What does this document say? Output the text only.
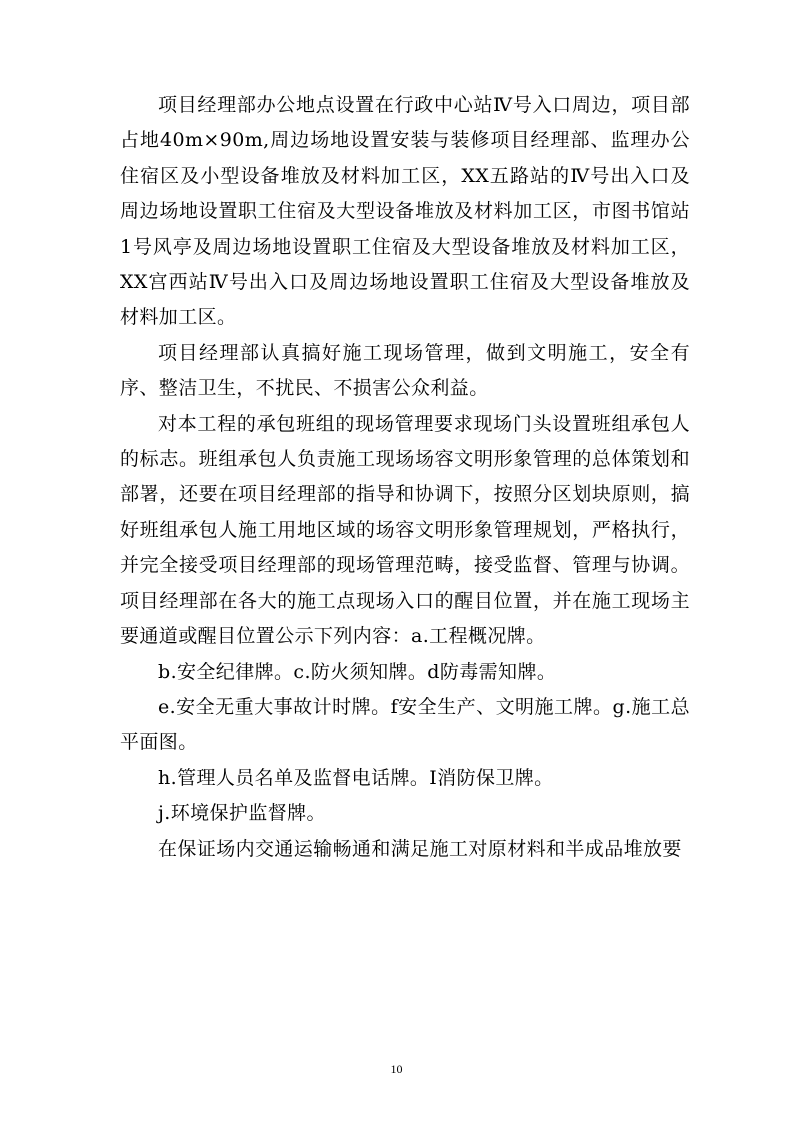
项目经理部办公地点设置在行政中心站Ⅳ号入口周边，项目部占地40m×90m,周边场地设置安装与装修项目经理部、监理办公住宿区及小型设备堆放及材料加工区，XX五路站的Ⅳ号出入口及周边场地设置职工住宿及大型设备堆放及材料加工区，市图书馆站1号风亭及周边场地设置职工住宿及大型设备堆放及材料加工区，XX宫西站Ⅳ号出入口及周边场地设置职工住宿及大型设备堆放及材料加工区。

项目经理部认真搞好施工现场管理，做到文明施工，安全有序、整洁卫生，不扰民、不损害公众利益。

对本工程的承包班组的现场管理要求现场门头设置班组承包人的标志。班组承包人负责施工现场场容文明形象管理的总体策划和部署，还要在项目经理部的指导和协调下，按照分区划块原则，搞好班组承包人施工用地区域的场容文明形象管理规划，严格执行，并完全接受项目经理部的现场管理范畴，接受监督、管理与协调。项目经理部在各大的施工点现场入口的醒目位置，并在施工现场主要通道或醒目位置公示下列内容：a.工程概况牌。

b.安全纪律牌。c.防火须知牌。d防毒需知牌。

e.安全无重大事故计时牌。f安全生产、文明施工牌。g.施工总平面图。

h.管理人员名单及监督电话牌。I消防保卫牌。

j.环境保护监督牌。

在保证场内交通运输畅通和满足施工对原材料和半成品堆放要

10
